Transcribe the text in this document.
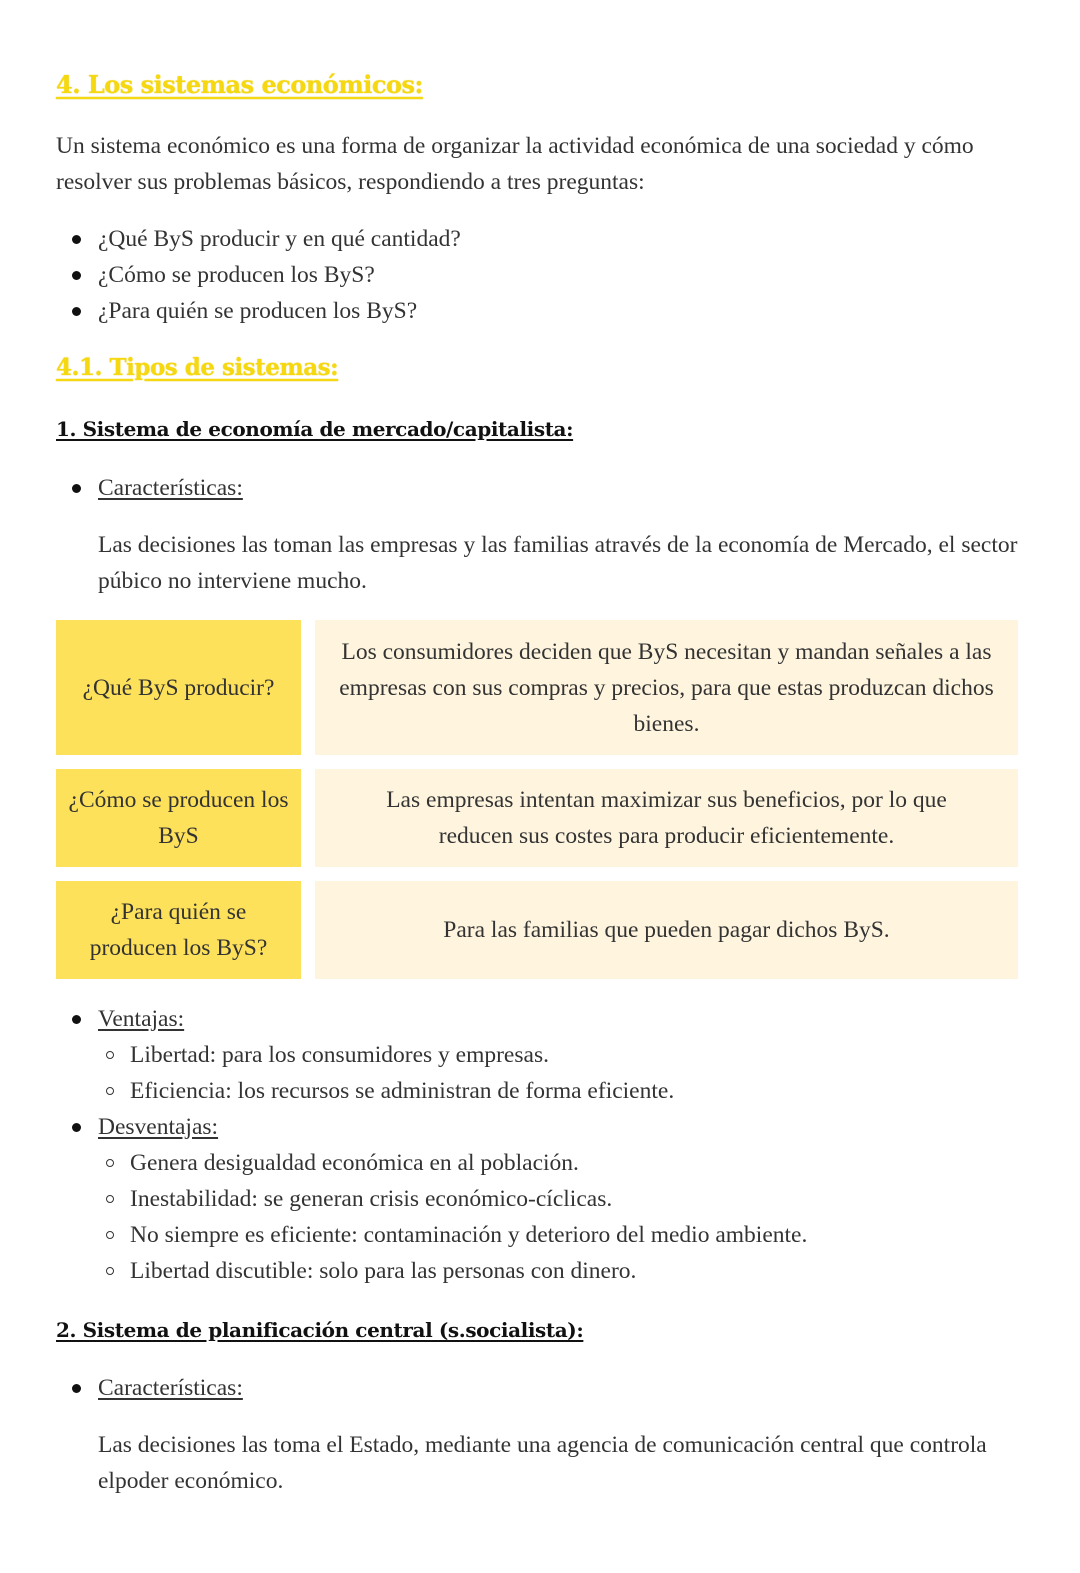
4. Los sistemas económicos:

Un sistema económico es una forma de organizar la actividad económica de una sociedad y cómo resolver sus problemas básicos, respondiendo a tres preguntas:

¿Qué ByS producir y en qué cantidad?
¿Cómo se producen los ByS?
¿Para quién se producen los ByS?
4.1. Tipos de sistemas:
1. Sistema de economía de mercado/capitalista:
Características:

Las decisiones las toman las empresas y las familias através de la economía de Mercado, el sector púbico no interviene mucho.

¿Qué ByS producir?
Los consumidores deciden que ByS necesitan y mandan señales a las empresas con sus compras y precios, para que estas produzcan dichos bienes.
¿Cómo se producen los ByS
Las empresas intentan maximizar sus beneficios, por lo que reducen sus costes para producir eficientemente.
¿Para quién se producen los ByS?
Para las familias que pueden pagar dichos ByS.
Ventajas:
Libertad: para los consumidores y empresas.
Eficiencia: los recursos se administran de forma eficiente.
Desventajas:
Genera desigualdad económica en al población.
Inestabilidad: se generan crisis económico-cíclicas.
No siempre es eficiente: contaminación y deterioro del medio ambiente.
Libertad discutible: solo para las personas con dinero.
2. Sistema de planificación central (s.socialista):
Características:

Las decisiones las toma el Estado, mediante una agencia de comunicación central que controla elpoder económico.
